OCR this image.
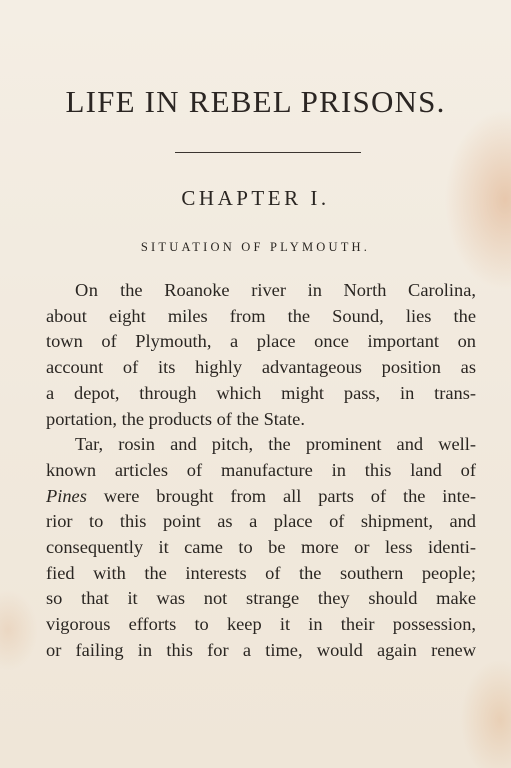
LIFE IN REBEL PRISONS.
CHAPTER I.
SITUATION OF PLYMOUTH.
On the Roanoke river in North Carolina,
about eight miles from the Sound, lies the
town of Plymouth, a place once important on
account of its highly advantageous position as
a depot, through which might pass, in trans-
portation, the products of the State.
Tar, rosin and pitch, the prominent and well-
known articles of manufacture in this land of
Pines were brought from all parts of the inte-
rior to this point as a place of shipment, and
consequently it came to be more or less identi-
fied with the interests of the southern people;
so that it was not strange they should make
vigorous efforts to keep it in their possession,
or failing in this for a time, would again renew
